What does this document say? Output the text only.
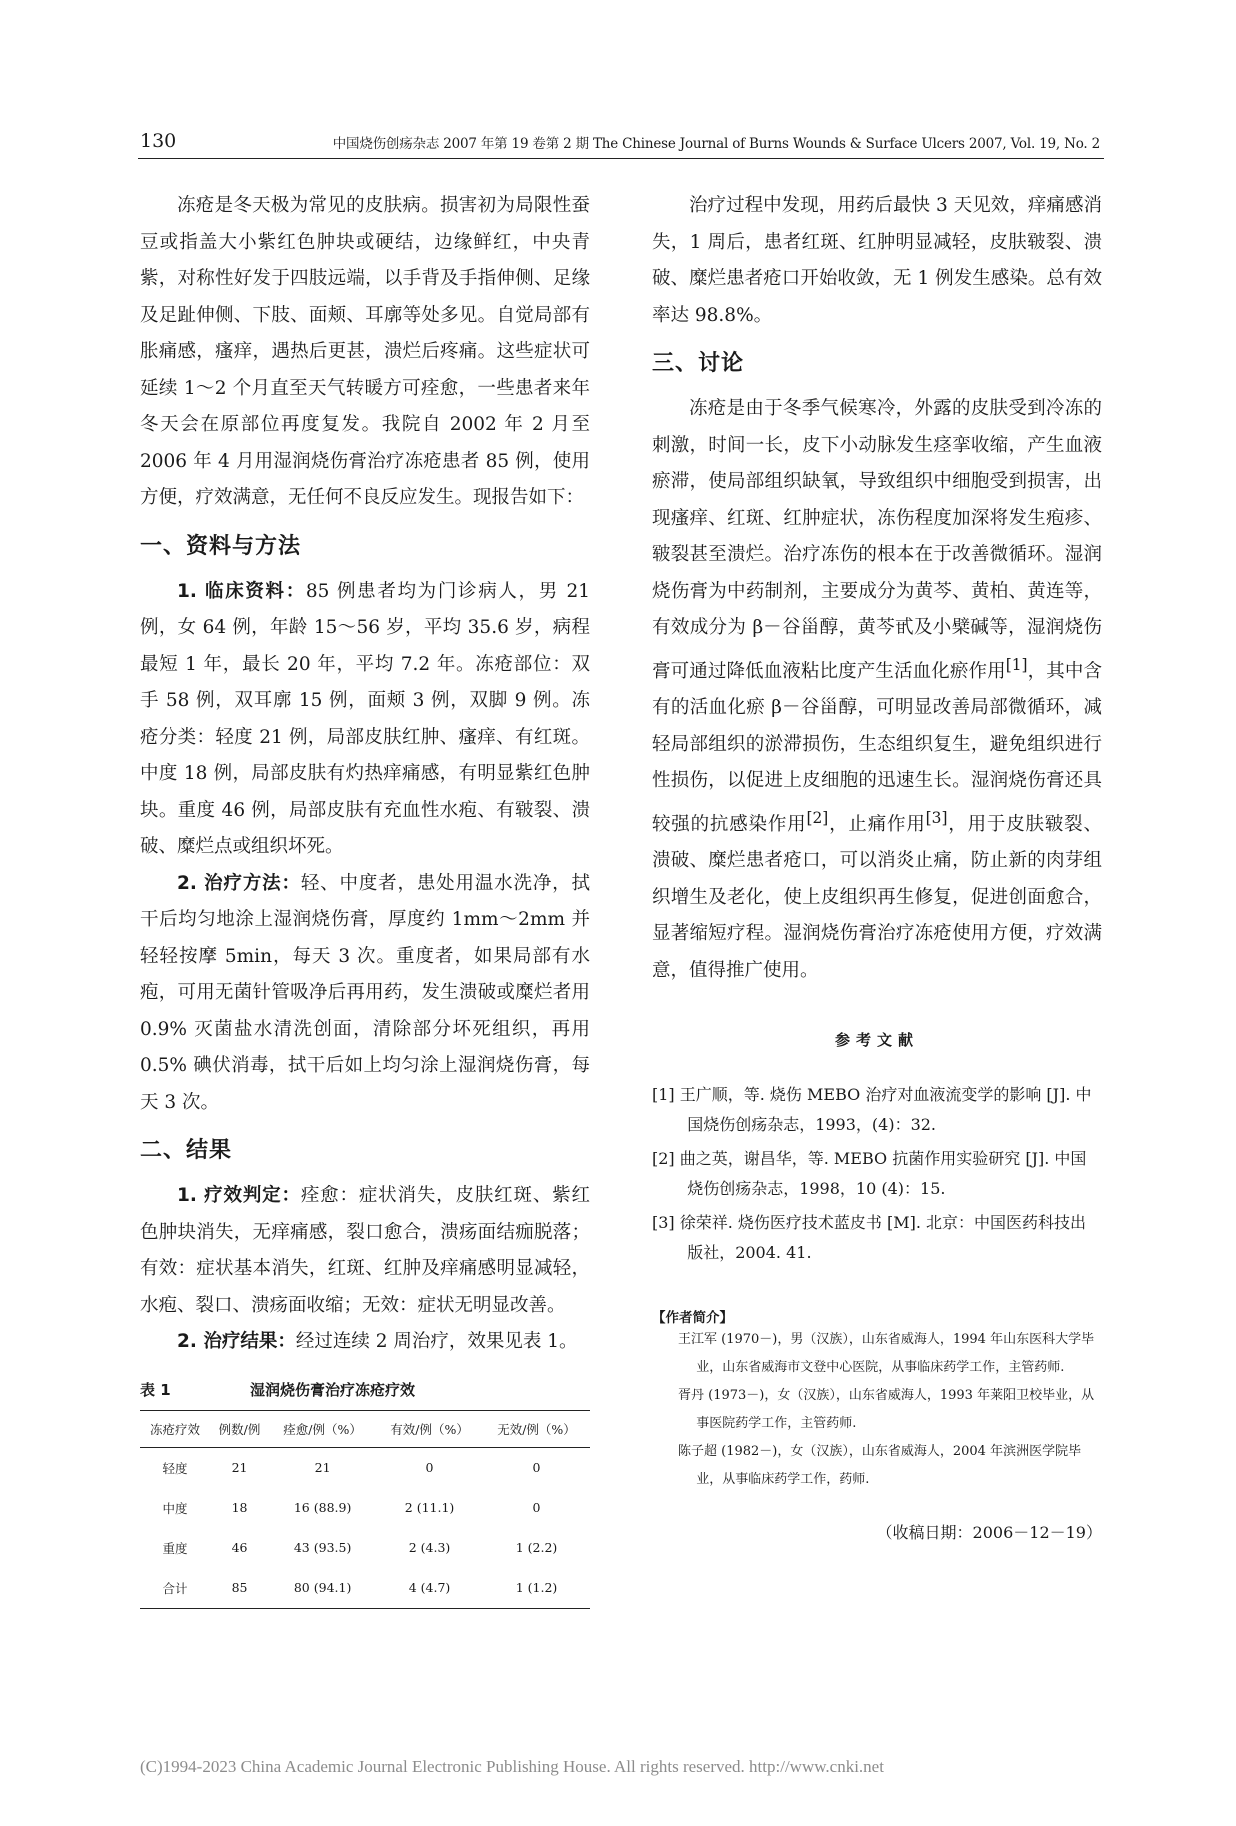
130	中国烧伤创疡杂志 2007 年第 19 卷第 2 期 The Chinese Journal of Burns Wounds & Surface Ulcers 2007, Vol. 19, No. 2

冻疮是冬天极为常见的皮肤病。损害初为局限性蚕豆或指盖大小紫红色肿块或硬结，边缘鲜红，中央青紫，对称性好发于四肢远端，以手背及手指伸侧、足缘及足趾伸侧、下肢、面颊、耳廓等处多见。自觉局部有胀痛感，瘙痒，遇热后更甚，溃烂后疼痛。这些症状可延续 1～2 个月直至天气转暖方可痊愈，一些患者来年冬天会在原部位再度复发。我院自 2002 年 2 月至 2006 年 4 月用湿润烧伤膏治疗冻疮患者 85 例，使用方便，疗效满意，无任何不良反应发生。现报告如下：

一、资料与方法

1. 临床资料：85 例患者均为门诊病人，男 21 例，女 64 例，年龄 15～56 岁，平均 35.6 岁，病程最短 1 年，最长 20 年，平均 7.2 年。冻疮部位：双手 58 例，双耳廓 15 例，面颊 3 例，双脚 9 例。冻疮分类：轻度 21 例，局部皮肤红肿、瘙痒、有红斑。中度 18 例，局部皮肤有灼热痒痛感，有明显紫红色肿块。重度 46 例，局部皮肤有充血性水疱、有皲裂、溃破、糜烂点或组织坏死。

2. 治疗方法：轻、中度者，患处用温水洗净，拭干后均匀地涂上湿润烧伤膏，厚度约 1mm～2mm 并轻轻按摩 5min，每天 3 次。重度者，如果局部有水疱，可用无菌针管吸净后再用药，发生溃破或糜烂者用 0.9% 灭菌盐水清洗创面，清除部分坏死组织，再用 0.5% 碘伏消毒，拭干后如上均匀涂上湿润烧伤膏，每天 3 次。

二、结果

1. 疗效判定：痊愈：症状消失，皮肤红斑、紫红色肿块消失，无痒痛感，裂口愈合，溃疡面结痂脱落；有效：症状基本消失，红斑、红肿及痒痛感明显减轻，水疱、裂口、溃疡面收缩；无效：症状无明显改善。

2. 治疗结果：经过连续 2 周治疗，效果见表 1。

表 1	湿润烧伤膏治疗冻疮疗效
冻疮疗效	例数/例	痊愈/例（%）	有效/例（%）	无效/例（%）
轻度	21	21	0	0
中度	18	16 (88.9)	2 (11.1)	0
重度	46	43 (93.5)	2 (4.3)	1 (2.2)
合计	85	80 (94.1)	4 (4.7)	1 (1.2)

治疗过程中发现，用药后最快 3 天见效，痒痛感消失，1 周后，患者红斑、红肿明显减轻，皮肤皲裂、溃破、糜烂患者疮口开始收敛，无 1 例发生感染。总有效率达 98.8%。

三、讨论

冻疮是由于冬季气候寒冷，外露的皮肤受到冷冻的刺激，时间一长，皮下小动脉发生痉挛收缩，产生血液瘀滞，使局部组织缺氧，导致组织中细胞受到损害，出现瘙痒、红斑、红肿症状，冻伤程度加深将发生疱疹、皲裂甚至溃烂。治疗冻伤的根本在于改善微循环。湿润烧伤膏为中药制剂，主要成分为黄芩、黄柏、黄连等，有效成分为 β－谷甾醇，黄芩甙及小檗碱等，湿润烧伤膏可通过降低血液粘比度产生活血化瘀作用[1]，其中含有的活血化瘀 β－谷甾醇，可明显改善局部微循环，减轻局部组织的淤滞损伤，生态组织复生，避免组织进行性损伤，以促进上皮细胞的迅速生长。湿润烧伤膏还具较强的抗感染作用[2]，止痛作用[3]，用于皮肤皲裂、溃破、糜烂患者疮口，可以消炎止痛，防止新的肉芽组织增生及老化，使上皮组织再生修复，促进创面愈合，显著缩短疗程。湿润烧伤膏治疗冻疮使用方便，疗效满意，值得推广使用。

参考文献
[1] 王广顺，等. 烧伤 MEBO 治疗对血液流变学的影响 [J]. 中国烧伤创疡杂志，1993，(4)：32.
[2] 曲之英，谢昌华，等. MEBO 抗菌作用实验研究 [J]. 中国 烧伤创疡杂志，1998，10 (4)：15.
[3] 徐荣祥. 烧伤医疗技术蓝皮书 [M]. 北京：中国医药科技出版社，2004. 41.
【作者简介】
王江军 (1970－)，男（汉族），山东省威海人，1994 年山东医科大学毕业，山东省威海市文登中心医院，从事临床药学工作，主管药师.
胥丹 (1973－)，女（汉族），山东省威海人，1993 年莱阳卫校毕业，从事医院药学工作，主管药师.
陈子超 (1982－)，女（汉族），山东省威海人，2004 年滨洲医学院毕业，从事临床药学工作，药师.
（收稿日期：2006－12－19）
(C)1994-2023 China Academic Journal Electronic Publishing House. All rights reserved. http://www.cnki.net
